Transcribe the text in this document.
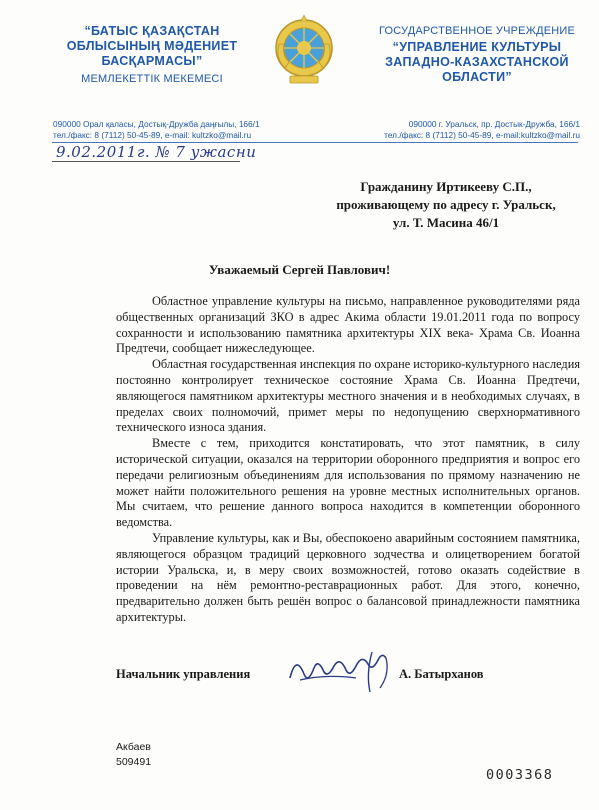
“БАТЫС ҚАЗАҚСТАН
ОБЛЫСЫНЫҢ МӘДЕНИЕТ
БАСҚАРМАСЫ”
МЕМЛЕКЕТТІК МЕКЕМЕСІ
ГОСУДАРСТВЕННОЕ УЧРЕЖДЕНИЕ
“УПРАВЛЕНИЕ КУЛЬТУРЫ
ЗАПАДНО-КАЗАХСТАНСКОЙ
ОБЛАСТИ”
090000 Орал қаласы, Достық-Дружба даңғылы, 166/1
тел./факс: 8 (7112) 50-45-89, e-mail: kultzko@mail.ru
090000 г. Уральск, пр. Достык-Дружба, 166/1
тел./факс: 8 (7112) 50-45-89, e-mail:kultzko@mail.ru
9.02.2011г. № 7 ужасни
Гражданину Иртикееву С.П.,
проживающему по адресу г. Уральск,
ул. Т. Масина 46/1
Уважаемый Сергей Павлович!

Областное управление культуры на письмо, направленное руководителями ряда общественных организаций ЗКО в адрес Акима области 19.01.2011 года по вопросу сохранности и использованию памятника архитектуры XIX века- Храма Св. Иоанна Предтечи, сообщает нижеследующее.

Областная государственная инспекция по охране историко-культурного наследия постоянно контролирует техническое состояние Храма Св. Иоанна Предтечи, являющегося памятником архитектуры местного значения и в необходимых случаях, в пределах своих полномочий, примет меры по недопущению сверхнормативного технического износа здания.

Вместе с тем, приходится констатировать, что этот памятник, в силу исторической ситуации, оказался на территории оборонного предприятия и вопрос его передачи религиозным объединениям для использования по прямому назначению не может найти положительного решения на уровне местных исполнительных органов. Мы считаем, что решение данного вопроса находится в компетенции оборонного ведомства.

Управление культуры, как и Вы, обеспокоено аварийным состоянием памятника, являющегося образцом традиций церковного зодчества и олицетворением богатой истории Уральска, и, в меру своих возможностей, готово оказать содействие в проведении на нём ремонтно-реставрационных работ. Для этого, конечно, предварительно должен быть решён вопрос о балансовой принадлежности памятника архитектуры.

Начальник управления	А. Батырханов
Акбаев
509491
0003368
